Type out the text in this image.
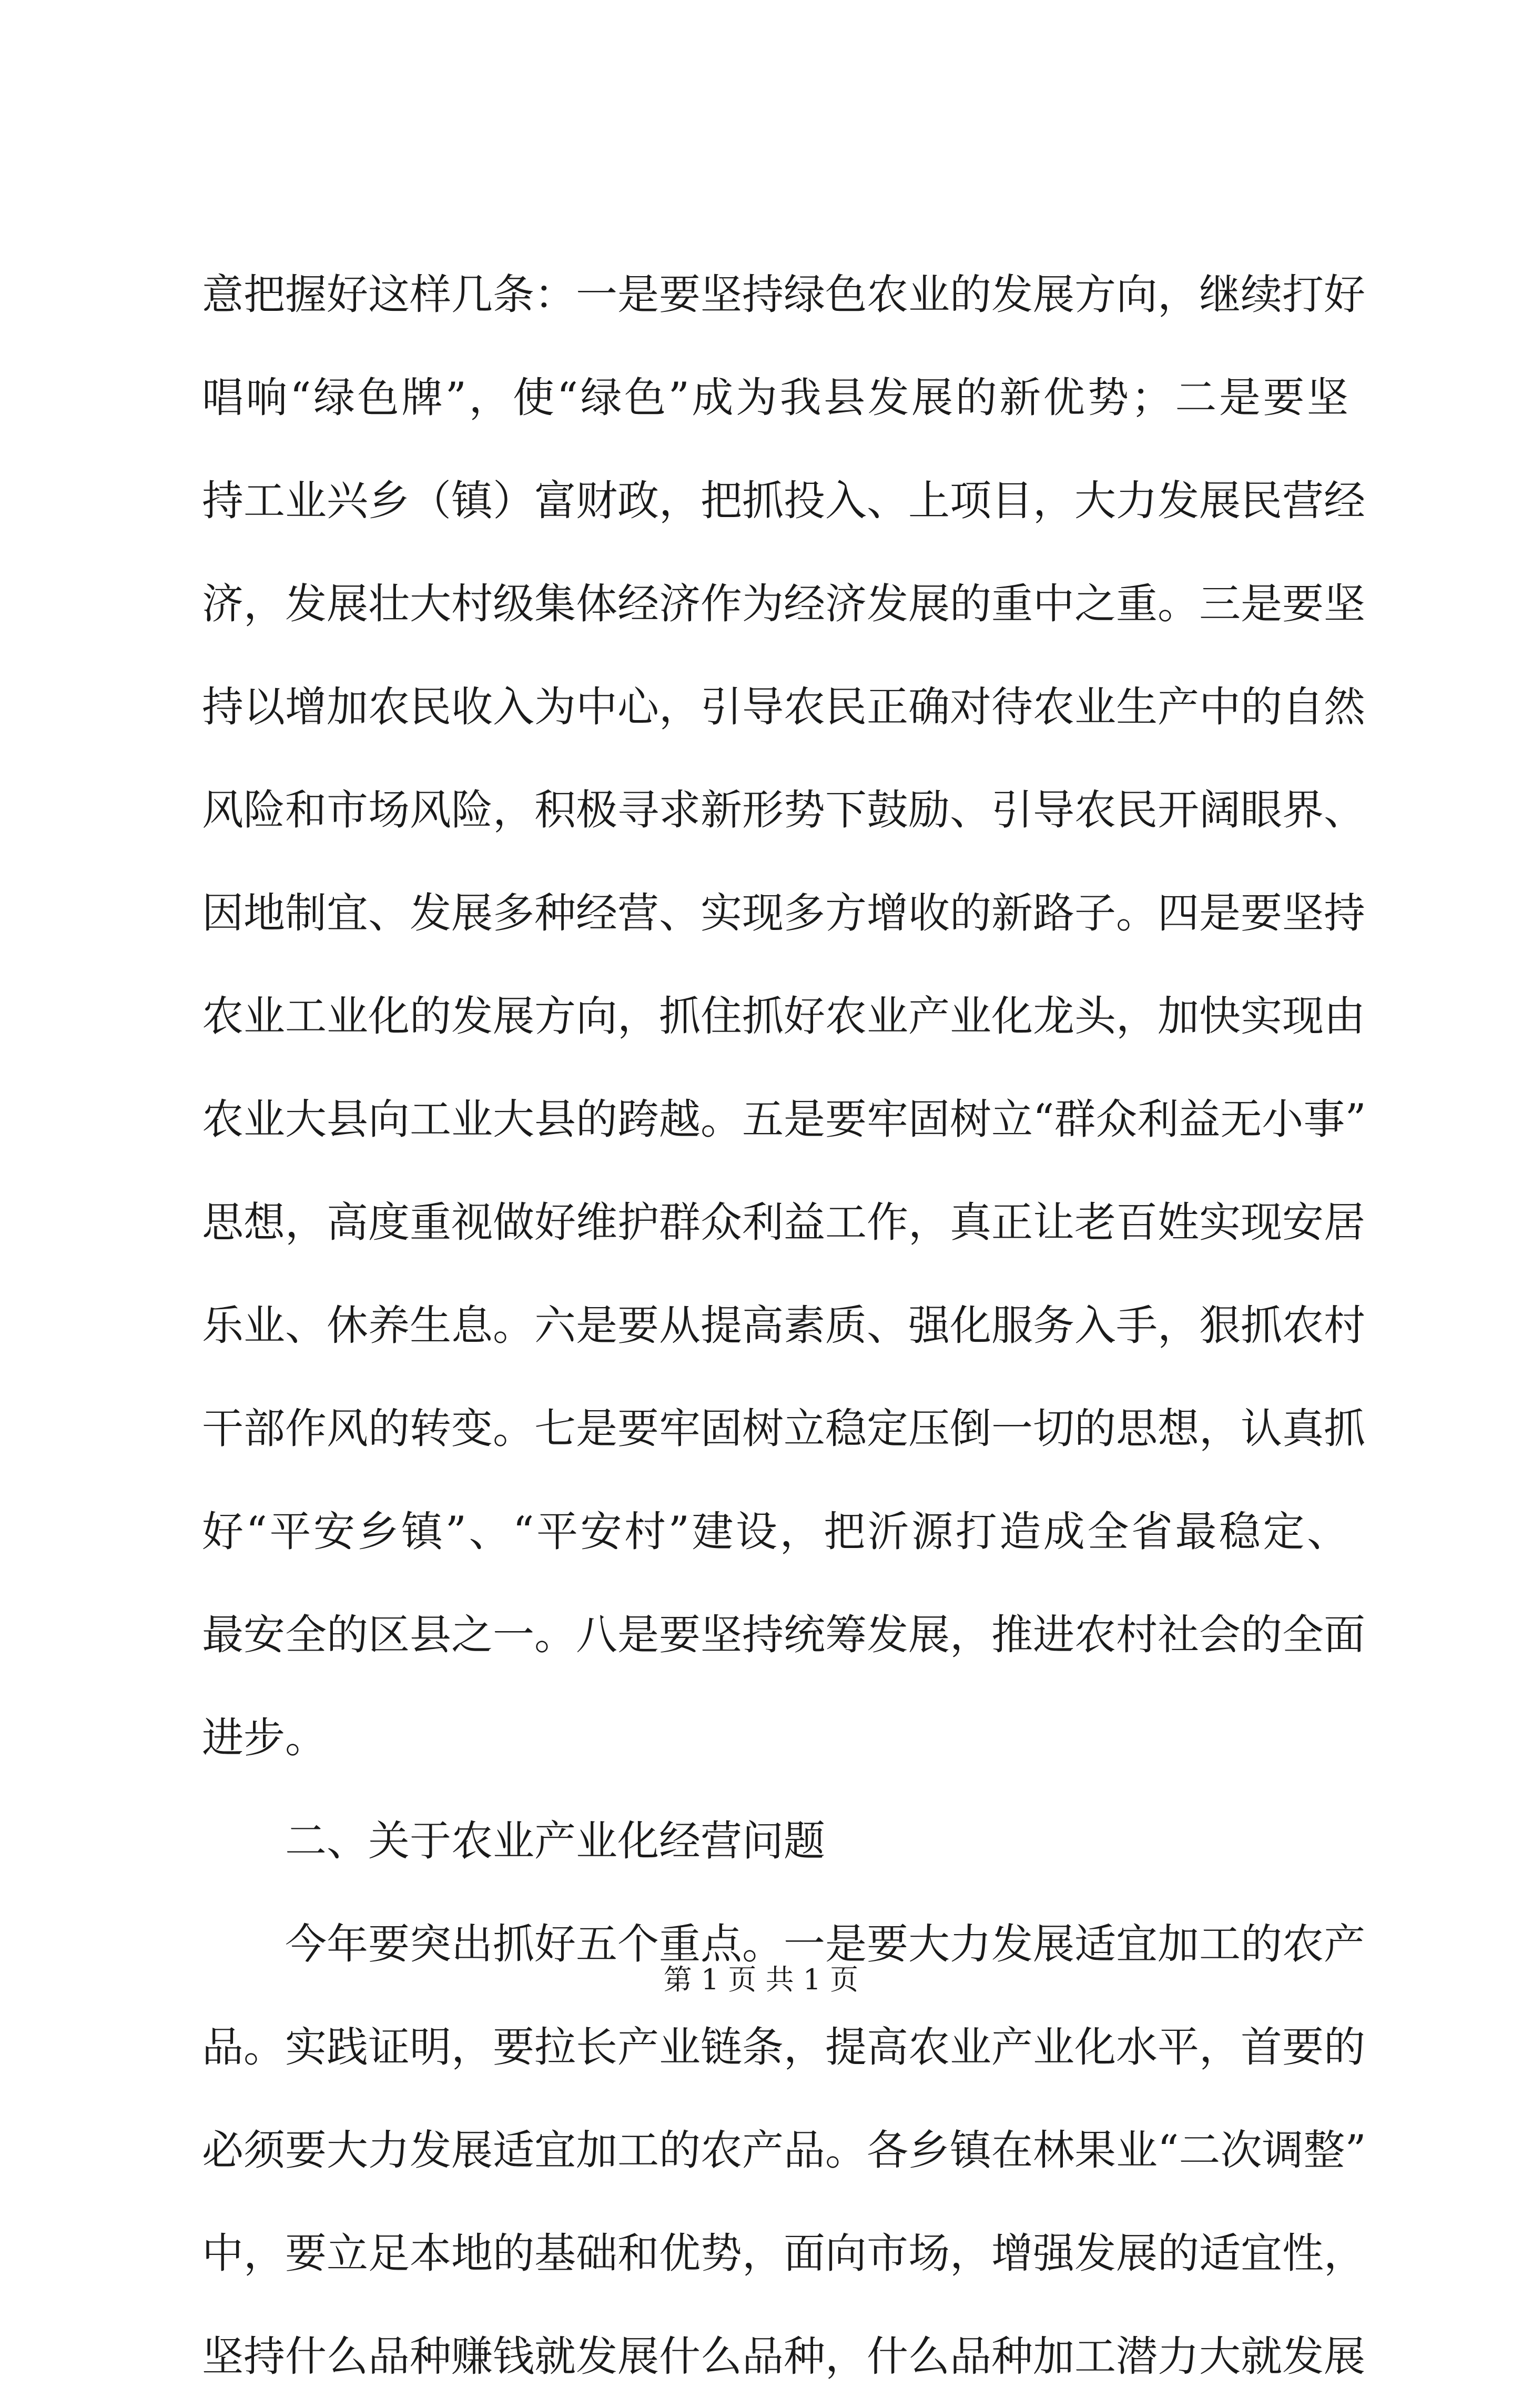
意把握好这样几条：一是要坚持绿色农业的发展方向，继续打好
唱响“绿色牌”，使“绿色”成为我县发展的新优势；二是要坚
持工业兴乡（镇）富财政，把抓投入、上项目，大力发展民营经
济，发展壮大村级集体经济作为经济发展的重中之重。三是要坚
持以增加农民收入为中心，引导农民正确对待农业生产中的自然
风险和市场风险，积极寻求新形势下鼓励、引导农民开阔眼界、
因地制宜、发展多种经营、实现多方增收的新路子。四是要坚持
农业工业化的发展方向，抓住抓好农业产业化龙头，加快实现由
农业大县向工业大县的跨越。五是要牢固树立“群众利益无小事”
思想，高度重视做好维护群众利益工作，真正让老百姓实现安居
乐业、休养生息。六是要从提高素质、强化服务入手，狠抓农村
干部作风的转变。七是要牢固树立稳定压倒一切的思想，认真抓
好“平安乡镇”、“平安村”建设，把沂源打造成全省最稳定、
最安全的区县之一。八是要坚持统筹发展，推进农村社会的全面
进步。
二、关于农业产业化经营问题
今年要突出抓好五个重点。一是要大力发展适宜加工的农产
品。实践证明，要拉长产业链条，提高农业产业化水平，首要的
必须要大力发展适宜加工的农产品。各乡镇在林果业“二次调整”
中，要立足本地的基础和优势，面向市场，增强发展的适宜性，
坚持什么品种赚钱就发展什么品种，什么品种加工潜力大就发展
第 1 页 共 1 页
